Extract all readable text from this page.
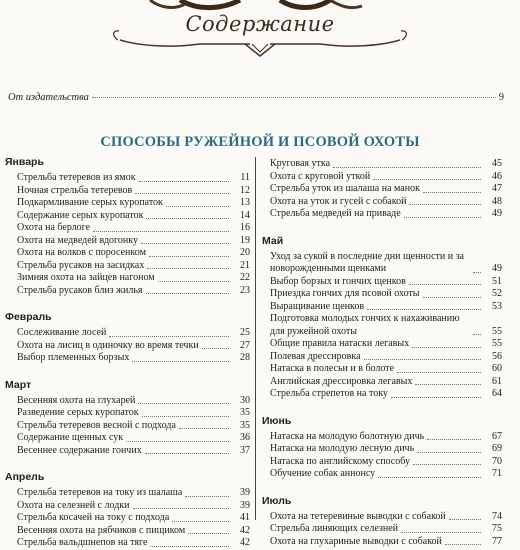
Содержание
От издательства	9
СПОСОБЫ РУЖЕЙНОЙ И ПСОВОЙ ОХОТЫ
Январь
Стрельба тетеревов из ямок	11
Ночная стрельба тетеревов	12
Подкармливание серых куропаток	13
Содержание серых куропаток	14
Охота на берлоге	16
Охота на медведей вдогонку	19
Охота на волков с поросенком	20
Стрельба русаков на засидках	21
Зимняя охота на зайцев нагоном	22
Стрельба русаков близ жилья	23
Февраль
Сослеживание лосей	25
Охота на лисиц в одиночку во время течки	27
Выбор племенных борзых	28
Март
Весенняя охота на глухарей	30
Разведение серых куропаток	35
Стрельба тетеревов весной с подхода	35
Содержание щенных сук	36
Весеннее содержание гончих	37
Апрель
Стрельба тетеревов на току из шалаша	39
Охота на селезней с лодки	39
Стрельба косачей на току с подхода	41
Весенняя охота на рябчиков с пищиком	42
Стрельба вальдшнепов на тяге	42
Круговая утка	45
Охота с круговой уткой	46
Стрельба уток из шалаша на манок	47
Охота на уток и гусей с собакой	48
Стрельба медведей на приваде	49
Май
Уход за сукой в последние дни щенности и за новорожденными щенками	49
Выбор борзых и гончих щенков	51
Приездка гончих для псовой охоты	52
Выращивание щенков	53
Подготовка молодых гончих к нахаживанию для ружейной охоты	55
Общие правила натаски легавых	55
Полевая дрессировка	56
Натаска в полесьи и в болоте	60
Английская дрессировка легавых	61
Стрельба стрепетов на току	64
Июнь
Натаска на молодую болотную дичь	67
Натаска на молодую лесную дичь	69
Натаска по английскому способу	70
Обучение собак аннонсу	71
Июль
Охота на тетеревиные выводки с собакой	74
Стрельба линяющих селезней	75
Охота на глухариные выводки с собакой	77
